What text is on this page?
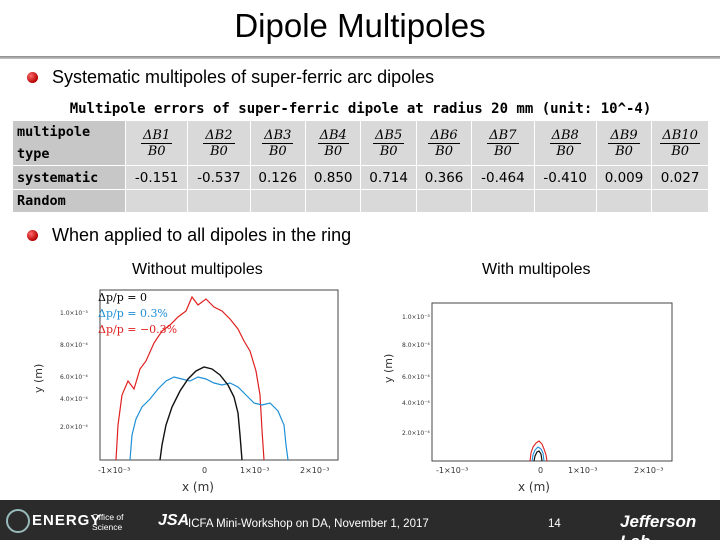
Dipole Multipoles
Systematic multipoles of super-ferric arc dipoles
Multipole errors of super-ferric dipole at radius 20 mm (unit: 10^-4)										
multipole type	$\frac{\Delta B1}{B0}$	$\frac{\Delta B2}{B0}$	$\frac{\Delta B3}{B0}$	$\frac{\Delta B4}{B0}$	$\frac{\Delta B5}{B0}$	$\frac{\Delta B6}{B0}$	$\frac{\Delta B7}{B0}$	$\frac{\Delta B8}{B0}$	$\frac{\Delta B9}{B0}$	$\frac{\Delta B10}{B0}$

systematic	-0.151	-0.537	0.126	0.850	0.714	0.366	-0.464	-0.410	0.009	0.027
Random										
When applied to all dipoles in the ring
Without multipoles	With multipoles
y (m)
1.0×10⁻³
8.0×10⁻⁴
6.0×10⁻⁴
4.0×10⁻⁴
2.0×10⁻⁴
-1×10⁻³	0	1×10⁻³	2×10⁻³
x (m)
Δp/p = 0
Δp/p = 0.3%
Δp/p = −0.3%
y (m)
1.0×10⁻³
8.0×10⁻⁴
6.0×10⁻⁴
4.0×10⁻⁴
2.0×10⁻⁴
-1×10⁻³	0	1×10⁻³	2×10⁻³
x (m)
ENERGY
Office of Science	JSA
ICFA Mini-Workshop on DA, November 1, 2017	14	Jefferson Lab
